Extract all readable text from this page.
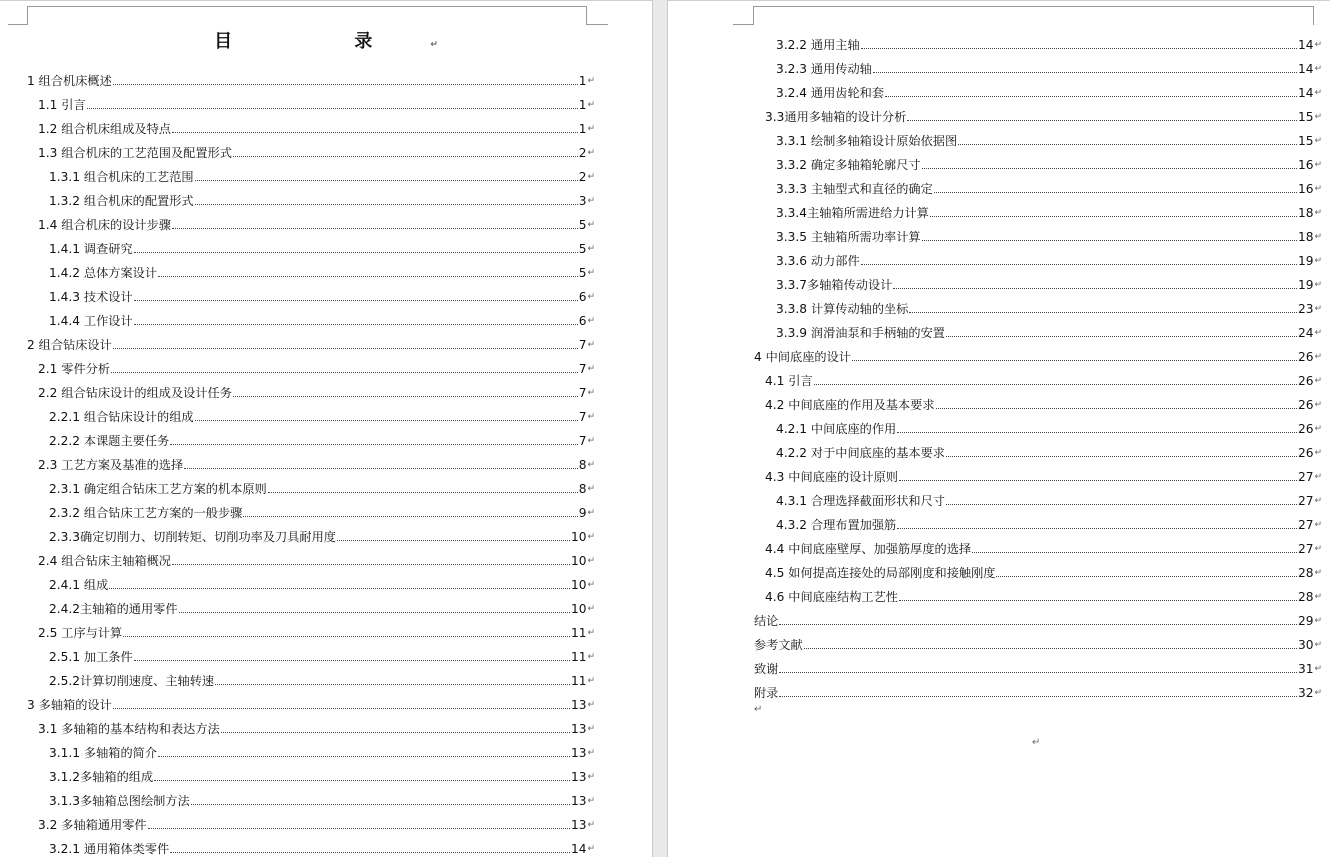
目 录↵
1 组合机床概述	1 ↵
1.1 引言	1 ↵
1.2 组合机床组成及特点	1 ↵
1.3 组合机床的工艺范围及配置形式	2 ↵
1.3.1 组合机床的工艺范围	2 ↵
1.3.2 组合机床的配置形式	3 ↵
1.4 组合机床的设计步骤	5 ↵
1.4.1 调查研究	5 ↵
1.4.2 总体方案设计	5 ↵
1.4.3 技术设计	6 ↵
1.4.4 工作设计	6 ↵
2 组合钻床设计	7 ↵
2.1 零件分析	7 ↵
2.2 组合钻床设计的组成及设计任务	7 ↵
2.2.1 组合钻床设计的组成	7 ↵
2.2.2 本课题主要任务	7 ↵
2.3 工艺方案及基准的选择	8 ↵
2.3.1 确定组合钻床工艺方案的机本原则	8 ↵
2.3.2 组合钻床工艺方案的一般步骤	9 ↵
2.3.3确定切削力、切削转矩、切削功率及刀具耐用度	10 ↵
2.4 组合钻床主轴箱概况	10 ↵
2.4.1 组成	10 ↵
2.4.2主轴箱的通用零件	10 ↵
2.5 工序与计算	11 ↵
2.5.1 加工条件	11 ↵
2.5.2计算切削速度、主轴转速	11 ↵
3 多轴箱的设计	13 ↵
3.1 多轴箱的基本结构和表达方法	13 ↵
3.1.1 多轴箱的简介	13 ↵
3.1.2多轴箱的组成	13 ↵
3.1.3多轴箱总图绘制方法	13 ↵
3.2 多轴箱通用零件	13 ↵
3.2.1 通用箱体类零件	14 ↵
3.2.2 通用主轴	14 ↵
3.2.3 通用传动轴	14 ↵
3.2.4 通用齿轮和套	14 ↵
3.3通用多轴箱的设计分析	15 ↵
3.3.1 绘制多轴箱设计原始依据图	15 ↵
3.3.2 确定多轴箱轮廓尺寸	16 ↵
3.3.3 主轴型式和直径的确定	16 ↵
3.3.4主轴箱所需进给力计算	18 ↵
3.3.5 主轴箱所需功率计算	18 ↵
3.3.6 动力部件	19 ↵
3.3.7多轴箱传动设计	19 ↵
3.3.8 计算传动轴的坐标	23 ↵
3.3.9 润滑油泵和手柄轴的安置	24 ↵
4 中间底座的设计	26 ↵
4.1 引言	26 ↵
4.2 中间底座的作用及基本要求	26 ↵
4.2.1 中间底座的作用	26 ↵
4.2.2 对于中间底座的基本要求	26 ↵
4.3 中间底座的设计原则	27 ↵
4.3.1 合理选择截面形状和尺寸	27 ↵
4.3.2 合理布置加强筋	27 ↵
4.4 中间底座壁厚、加强筋厚度的选择	27 ↵
4.5 如何提高连接处的局部刚度和接触刚度	28 ↵
4.6 中间底座结构工艺性	28 ↵
结论	29 ↵
参考文献	30 ↵
致谢	31 ↵
附录	32 ↵
↵
↵
